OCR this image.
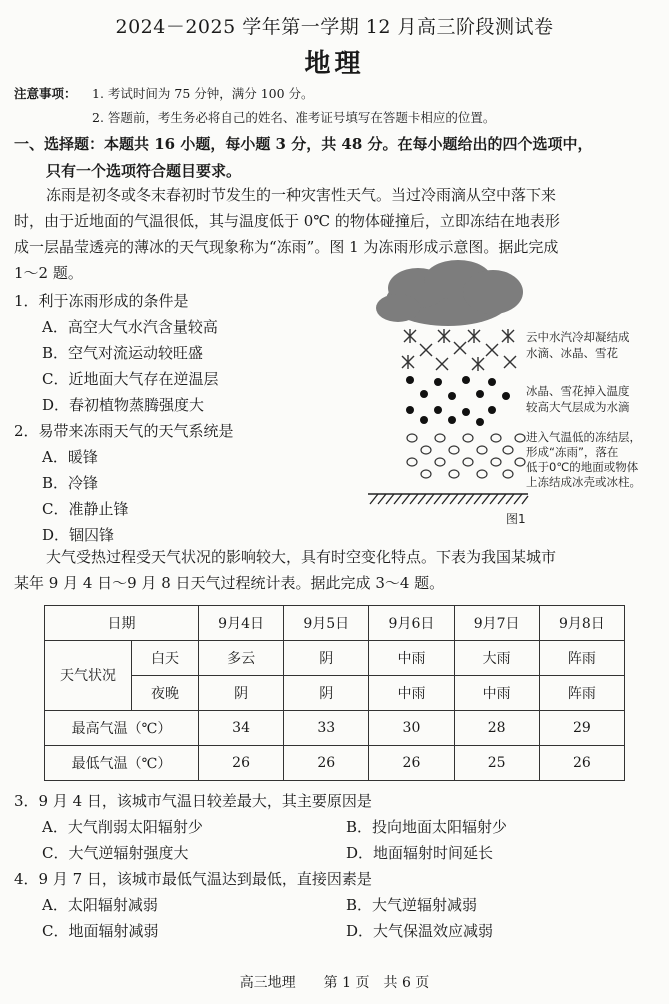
2024－2025 学年第一学期 12 月高三阶段测试卷
地理
注意事项： 1. 考试时间为 75 分钟，满分 100 分。
2. 答题前，考生务必将自己的姓名、准考证号填写在答题卡相应的位置。
一、选择题：本题共 16 小题，每小题 3 分，共 48 分。在每小题给出的四个选项中，
只有一个选项符合题目要求。
冻雨是初冬或冬末春初时节发生的一种灾害性天气。当过冷雨滴从空中落下来
时，由于近地面的气温很低，其与温度低于 0℃ 的物体碰撞后，立即冻结在地表形
成一层晶莹透亮的薄冰的天气现象称为“冻雨”。图 1 为冻雨形成示意图。据此完成
1～2 题。
1．利于冻雨形成的条件是
A．高空大气水汽含量较高
B．空气对流运动较旺盛
C．近地面大气存在逆温层
D．春初植物蒸腾强度大
2．易带来冻雨天气的天气系统是
A．暖锋
B．冷锋
C．准静止锋
D．锢囚锋
云中水汽冷却凝结成
水滴、冰晶、雪花
冰晶、雪花掉入温度
较高大气层成为水滴
进入气温低的冻结层，
形成“冻雨”，落在
低于0℃的地面或物体
上冻结成冰壳或冰柱。
图1
大气受热过程受天气状况的影响较大，具有时空变化特点。下表为我国某城市
某年 9 月 4 日～9 月 8 日天气过程统计表。据此完成 3～4 题。
日期		9月4日	9月5日	9月6日	9月7日	9月8日
天气状况	白天	多云	阴	中雨	大雨	阵雨
	夜晚	阴	阴	中雨	中雨	阵雨
最高气温（℃）		34	33	30	28	29
最低气温（℃）		26	26	26	25	26
3．9 月 4 日，该城市气温日较差最大，其主要原因是
A．大气削弱太阳辐射少	B．投向地面太阳辐射少
C．大气逆辐射强度大	D．地面辐射时间延长
4．9 月 7 日，该城市最低气温达到最低，直接因素是
A．太阳辐射减弱	B．大气逆辐射减弱
C．地面辐射减弱	D．大气保温效应减弱
高三地理　　第 1 页　共 6 页
